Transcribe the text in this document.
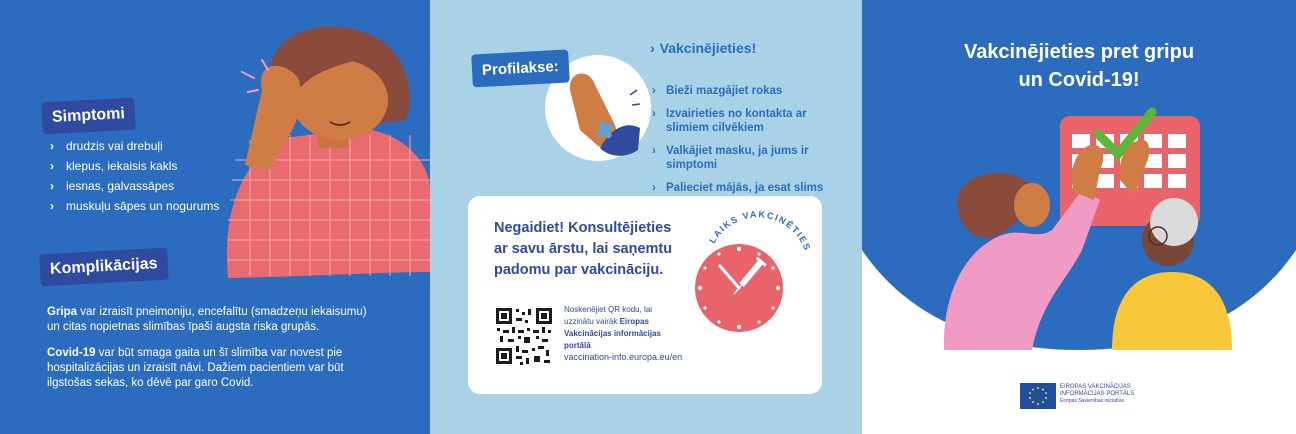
Simptomi
› drudzis vai drebuļi
› klepus, iekaisis kakls
› iesnas, galvassāpes
› muskuļu sāpes un nogurums
Komplikācijas
Gripa var izraisīt pneimoniju, encefalītu (smadzeņu iekaisumu) un citas nopietnas slimības īpaši augsta riska grupās.
Covid-19 var būt smaga gaita un šī slimība var novest pie hospitalizācijas un izraisīt nāvi. Dažiem pacientiem var būt ilgstošas sekas, ko dēvē par garo Covid.
Profilakse:
› Vakcinējieties!
› Bieži mazgājiet rokas
› Izvairieties no kontakta ar slimiem cilvēkiem
› Valkājiet masku, ja jums ir simptomi
› Palieciet mājās, ja esat slims
Negaidiet! Konsultējieties ar savu ārstu, lai saņemtu padomu par vakcināciju.
Noskenējiet QR kodu, lai uzzinātu vairāk Eiropas Vakcinācijas informācijas portālā
vaccination-info.europa.eu/en
LAIKS VAKCINĒTIES
Vakcinējieties pret gripu
un Covid-19!
EIROPAS VAKCINĀCIJAS
INFORMĀCIJAS PORTĀLS
Eiropas Savienības iniciatīva
